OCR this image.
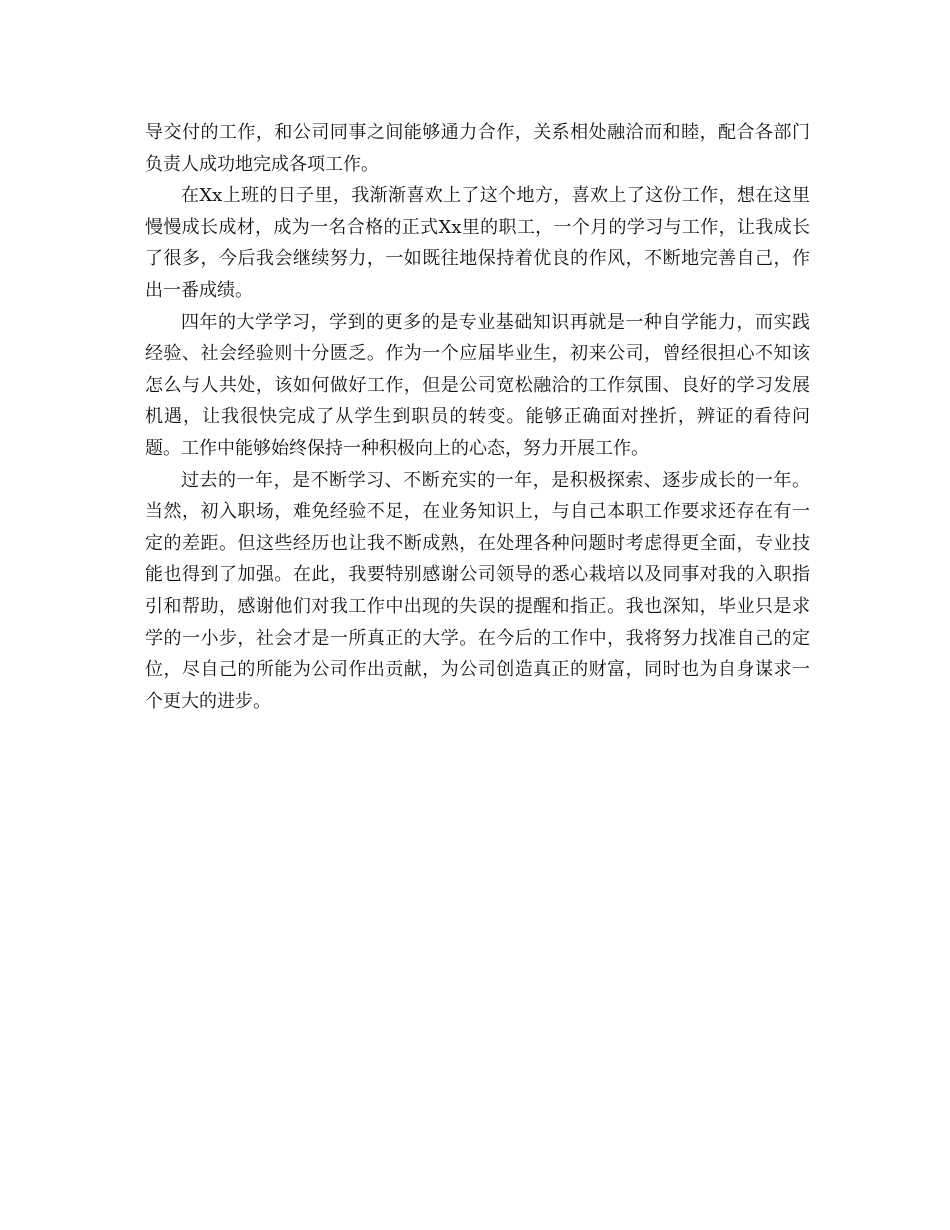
导交付的工作，和公司同事之间能够通力合作，关系相处融洽而和睦，配合各部门负责人成功地完成各项工作。

在Xx上班的日子里，我渐渐喜欢上了这个地方，喜欢上了这份工作，想在这里慢慢成长成材，成为一名合格的正式Xx里的职工，一个月的学习与工作，让我成长了很多，今后我会继续努力，一如既往地保持着优良的作风，不断地完善自己，作出一番成绩。

四年的大学学习，学到的更多的是专业基础知识再就是一种自学能力，而实践经验、社会经验则十分匮乏。作为一个应届毕业生，初来公司，曾经很担心不知该怎么与人共处，该如何做好工作，但是公司宽松融洽的工作氛围、良好的学习发展机遇，让我很快完成了从学生到职员的转变。能够正确面对挫折，辨证的看待问题。工作中能够始终保持一种积极向上的心态，努力开展工作。

过去的一年，是不断学习、不断充实的一年，是积极探索、逐步成长的一年。当然，初入职场，难免经验不足，在业务知识上，与自己本职工作要求还存在有一定的差距。但这些经历也让我不断成熟，在处理各种问题时考虑得更全面，专业技能也得到了加强。在此，我要特别感谢公司领导的悉心栽培以及同事对我的入职指引和帮助，感谢他们对我工作中出现的失误的提醒和指正。我也深知，毕业只是求学的一小步，社会才是一所真正的大学。在今后的工作中，我将努力找准自己的定位，尽自己的所能为公司作出贡献，为公司创造真正的财富，同时也为自身谋求一个更大的进步。
